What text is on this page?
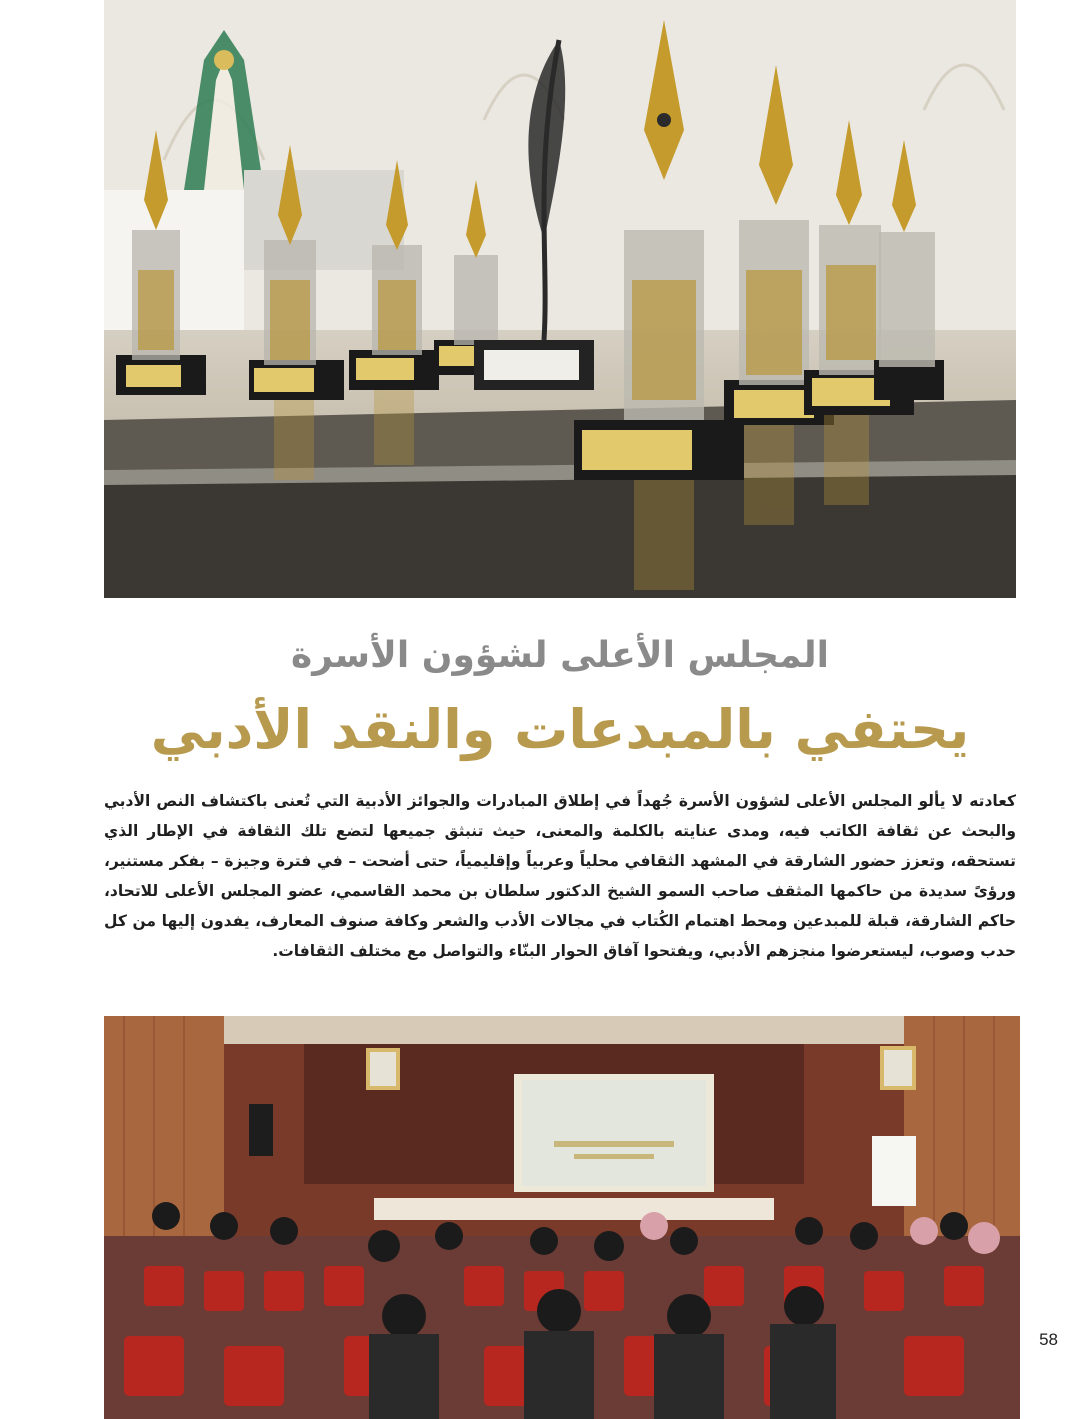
المجلس الأعلى لشؤون الأسرة
يحتفي بالمبدعات والنقد الأدبي
كعادته لا يألو المجلس الأعلى لشؤون الأسرة جُهداً في إطلاق المبادرات والجوائز الأدبية التي تُعنى باكتشاف النص الأدبي والبحث عن ثقافة الكاتب فيه، ومدى عنايته بالكلمة والمعنى، حيث تنبثق جميعها لتضع تلك الثقافة في الإطار الذي تستحقه، وتعزز حضور الشارقة في المشهد الثقافي محلياً وعربياً وإقليمياً، حتى أضحت – في فترة وجيزة – بفكر مستنير، ورؤىً سديدة من حاكمها المثقف صاحب السمو الشيخ الدكتور سلطان بن محمد القاسمي، عضو المجلس الأعلى للاتحاد، حاكم الشارقة، قبلة للمبدعين ومحط اهتمام الكُتاب في مجالات الأدب والشعر وكافة صنوف المعارف، يفدون إليها من كل حدب وصوب، ليستعرضوا منجزهم الأدبي، ويفتحوا آفاق الحوار البنّاء والتواصل مع مختلف الثقافات.
58
